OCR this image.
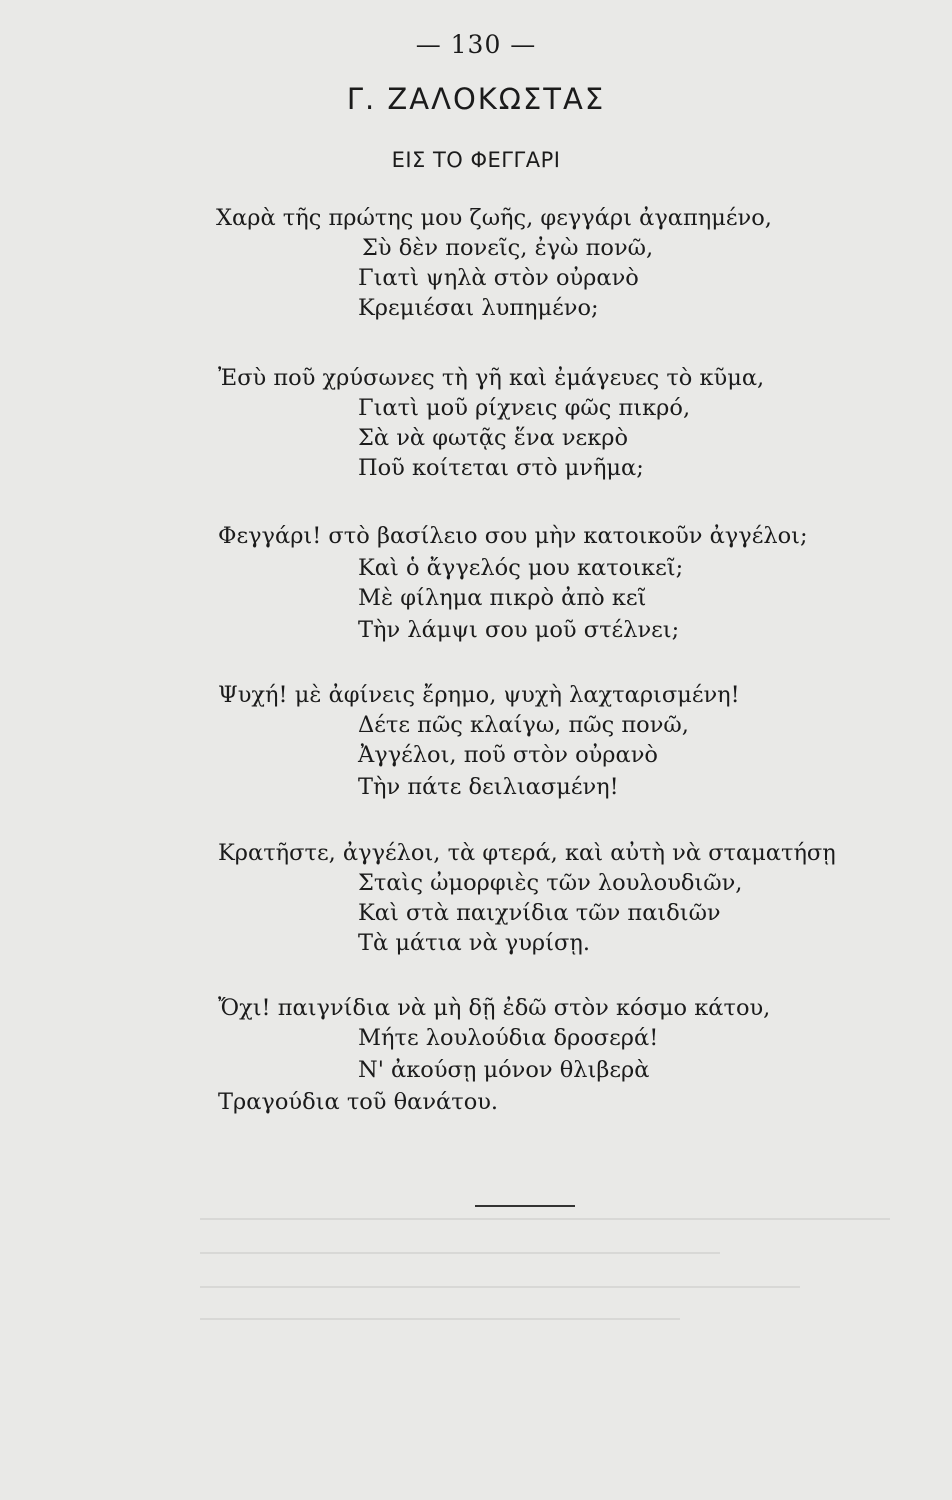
— 130 —
Γ. ΖΑΛΟΚΩΣΤΑΣ
ΕΙΣ ΤΟ ΦΕΓΓΑΡΙ
Χαρὰ τῆς πρώτης μου ζωῆς, φεγγάρι ἀγαπημένο,
Σὺ δὲν πονεῖς, ἐγὼ πονῶ,
Γιατὶ ψηλὰ στὸν οὐρανὸ
Κρεμιέσαι λυπημένο;
Ἐσὺ ποῦ χρύσωνες τὴ γῆ καὶ ἐμάγευες τὸ κῦμα,
Γιατὶ μοῦ ρίχνεις φῶς πικρό,
Σὰ νὰ φωτᾷς ἕνα νεκρὸ
Ποῦ κοίτεται στὸ μνῆμα;
Φεγγάρι! στὸ βασίλειο σου μὴν κατοικοῦν ἀγγέλοι;
Καὶ ὁ ἄγγελός μου κατοικεῖ;
Μὲ φίλημα πικρὸ ἀπὸ κεῖ
Τὴν λάμψι σου μοῦ στέλνει;
Ψυχή! μὲ ἀφίνεις ἔρημο, ψυχὴ λαχταρισμένη!
Δέτε πῶς κλαίγω, πῶς πονῶ,
Ἀγγέλοι, ποῦ στὸν οὐρανὸ
Τὴν πάτε δειλιασμένη!
Κρατῆστε, ἀγγέλοι, τὰ φτερά, καὶ αὐτὴ νὰ σταματήσῃ
Σταὶς ὠμορφιὲς τῶν λουλουδιῶν,
Καὶ στὰ παιχνίδια τῶν παιδιῶν
Τὰ μάτια νὰ γυρίσῃ.
Ὄχι! παιγνίδια νὰ μὴ δῇ ἐδῶ στὸν κόσμο κάτου,
Μήτε λουλούδια δροσερά!
Ν' ἀκούσῃ μόνον θλιβερὰ
Τραγούδια τοῦ θανάτου.
